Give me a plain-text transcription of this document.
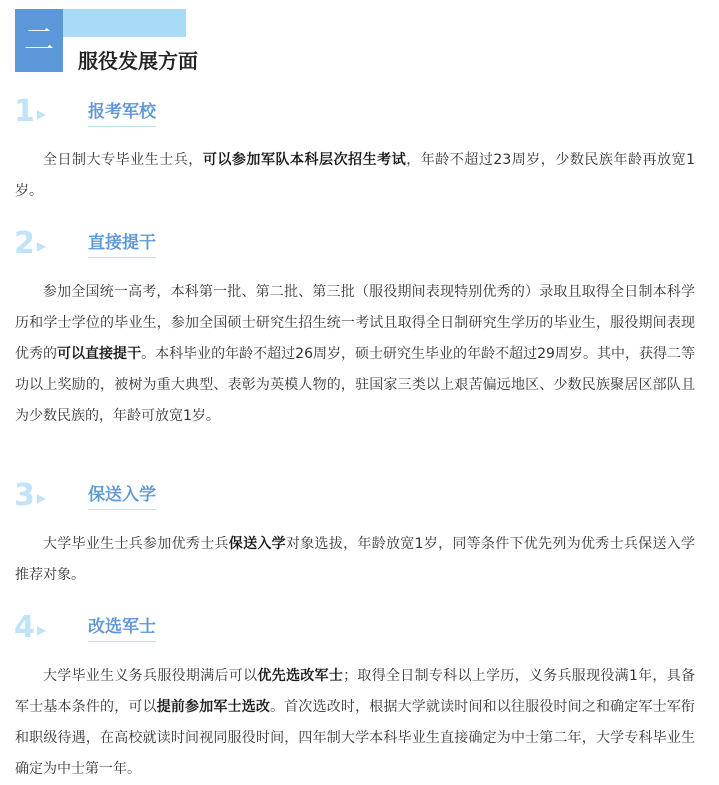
二
服役发展方面
1 ▶ 报考军校
全日制大专毕业生士兵，可以参加军队本科层次招生考试，年龄不超过23周岁，少数民族年龄再放宽1岁。
2 ▶ 直接提干
参加全国统一高考，本科第一批、第二批、第三批（服役期间表现特别优秀的）录取且取得全日制本科学历和学士学位的毕业生，参加全国硕士研究生招生统一考试且取得全日制研究生学历的毕业生，服役期间表现优秀的可以直接提干。本科毕业的年龄不超过26周岁，硕士研究生毕业的年龄不超过29周岁。其中，获得二等功以上奖励的，被树为重大典型、表彰为英模人物的，驻国家三类以上艰苦偏远地区、少数民族聚居区部队且为少数民族的，年龄可放宽1岁。
3 ▶ 保送入学
大学毕业生士兵参加优秀士兵保送入学对象选拔，年龄放宽1岁，同等条件下优先列为优秀士兵保送入学推荐对象。
4 ▶ 改选军士
大学毕业生义务兵服役期满后可以优先选改军士；取得全日制专科以上学历，义务兵服现役满1年，具备军士基本条件的，可以提前参加军士选改。首次选改时，根据大学就读时间和以往服役时间之和确定军士军衔和职级待遇，在高校就读时间视同服役时间，四年制大学本科毕业生直接确定为中士第二年，大学专科毕业生确定为中士第一年。
